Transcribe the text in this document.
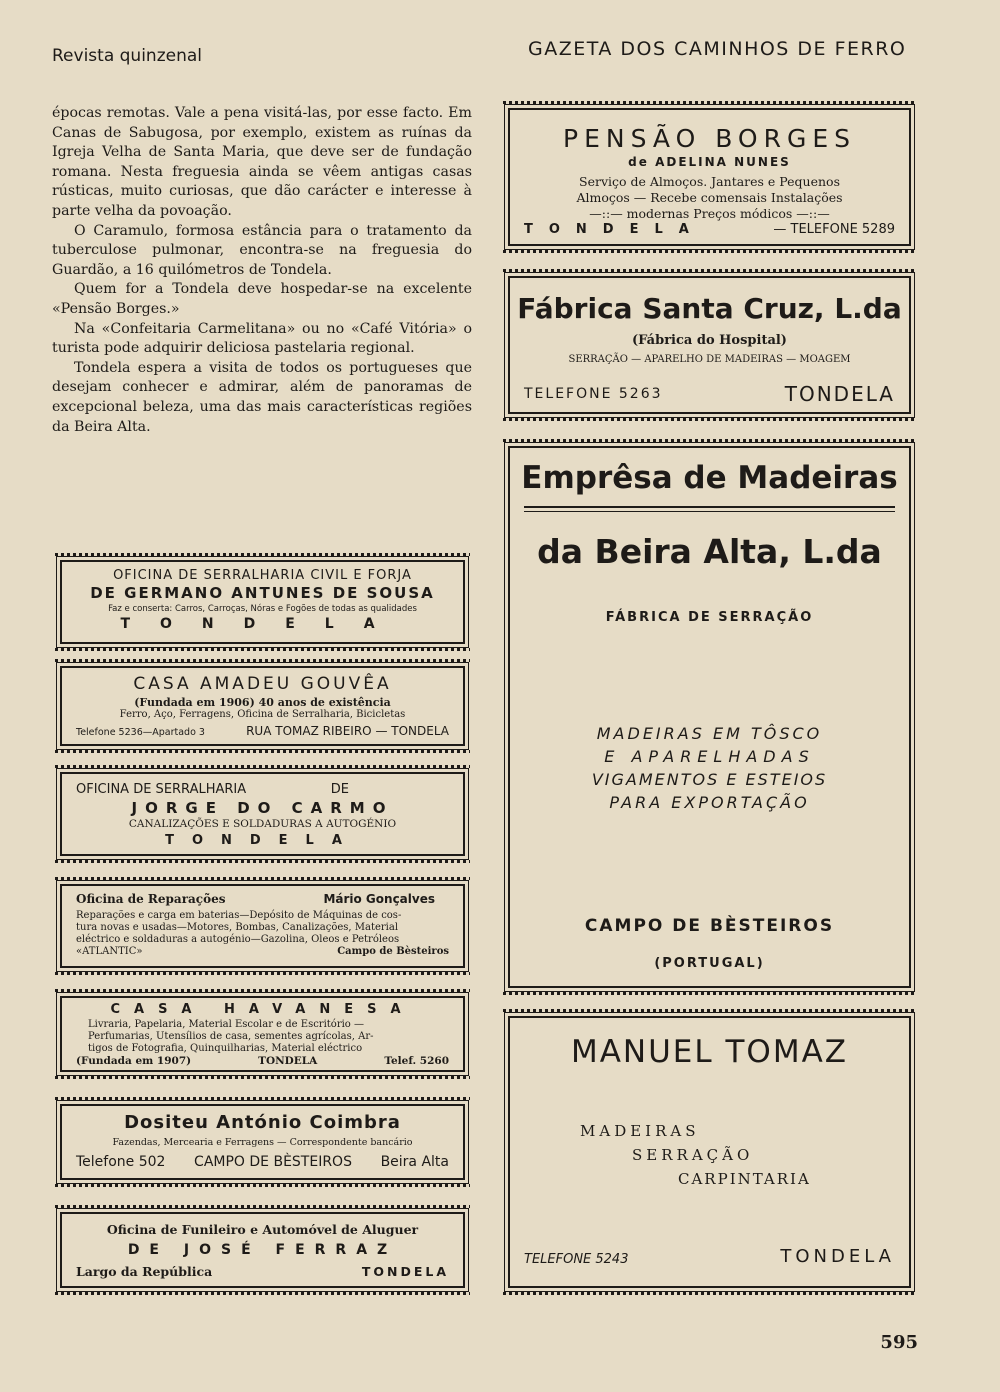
Revista quinzenal	GAZETA DOS CAMINHOS DE FERRO

épocas remotas. Vale a pena visitá-las, por esse facto. Em Canas de Sabugosa, por exemplo, existem as ruínas da Igreja Velha de Santa Maria, que deve ser de fundação romana. Nesta freguesia ainda se vêem antigas casas rústicas, muito curiosas, que dão carácter e interesse à parte velha da povoação.

O Caramulo, formosa estância para o tratamento da tuberculose pulmonar, encontra-se na freguesia do Guardão, a 16 quilómetros de Tondela.

Quem for a Tondela deve hospedar-se na excelente «Pensão Borges.»

Na «Confeitaria Carmelitana» ou no «Café Vitória» o turista pode adquirir deliciosa pastelaria regional.

Tondela espera a visita de todos os portugueses que desejam conhecer e admirar, além de panoramas de excepcional beleza, uma das mais características regiões da Beira Alta.

PENSÃO BORGES
de ADELINA NUNES
Serviço de Almoços. Jantares e Pequenos
Almoços — Recebe comensais Instalações
—::— modernas Preços módicos —::—
TONDELA	— TELEFONE 5289
Fábrica Santa Cruz, L.da
(Fábrica do Hospital)
SERRAÇÃO — APARELHO DE MADEIRAS — MOAGEM
TELEFONE 5263	TONDELA
Emprêsa de Madeiras
da Beira Alta, L.da
FÁBRICA DE SERRAÇÃO
MADEIRAS EM TÔSCO
E APARELHADAS
VIGAMENTOS E ESTEIOS
PARA EXPORTAÇÃO
CAMPO DE BÈSTEIROS
(PORTUGAL)
MANUEL TOMAZ
MADEIRAS
SERRAÇÃO
CARPINTARIA
TELEFONE 5243	TONDELA
OFICINA DE SERRALHARIA CIVIL E FORJA
DE GERMANO ANTUNES DE SOUSA
Faz e conserta: Carros, Carroças, Nóras e Fogões de todas as qualidades
TONDELA
CASA AMADEU GOUVÊA
(Fundada em 1906) 40 anos de existência
Ferro, Aço, Ferragens, Oficina de Serralharia, Bicicletas
Telefone 5236—Apartado 3	RUA TOMAZ RIBEIRO — TONDELA
OFICINA DE SERRALHARIA	DE
JORGE DO CARMO
CANALIZAÇÕES E SOLDADURAS A AUTOGÉNIO
TONDELA
Oficina de Reparações	Mário Gonçalves
Reparações e carga em baterias—Depósito de Máquinas de cos-
tura novas e usadas—Motores, Bombas, Canalizações, Material
eléctrico e soldaduras a autogénio—Gazolina, Oleos e Petróleos
«ATLANTIC»	Campo de Bèsteiros
CASA HAVANESA
Livraria, Papelaria, Material Escolar e de Escritório —
Perfumarias, Utensílios de casa, sementes agrícolas, Ar-
tigos de Fotografia, Quinquilharias, Material eléctrico
(Fundada em 1907)	TONDELA	Telef. 5260
Dositeu António Coimbra
Fazendas, Mercearia e Ferragens — Correspondente bancário
Telefone 502 CAMPO DE BÈSTEIROS Beira Alta
Oficina de Funileiro e Automóvel de Aluguer
DE JOSÉ FERRAZ
Largo da República	TONDELA
595
